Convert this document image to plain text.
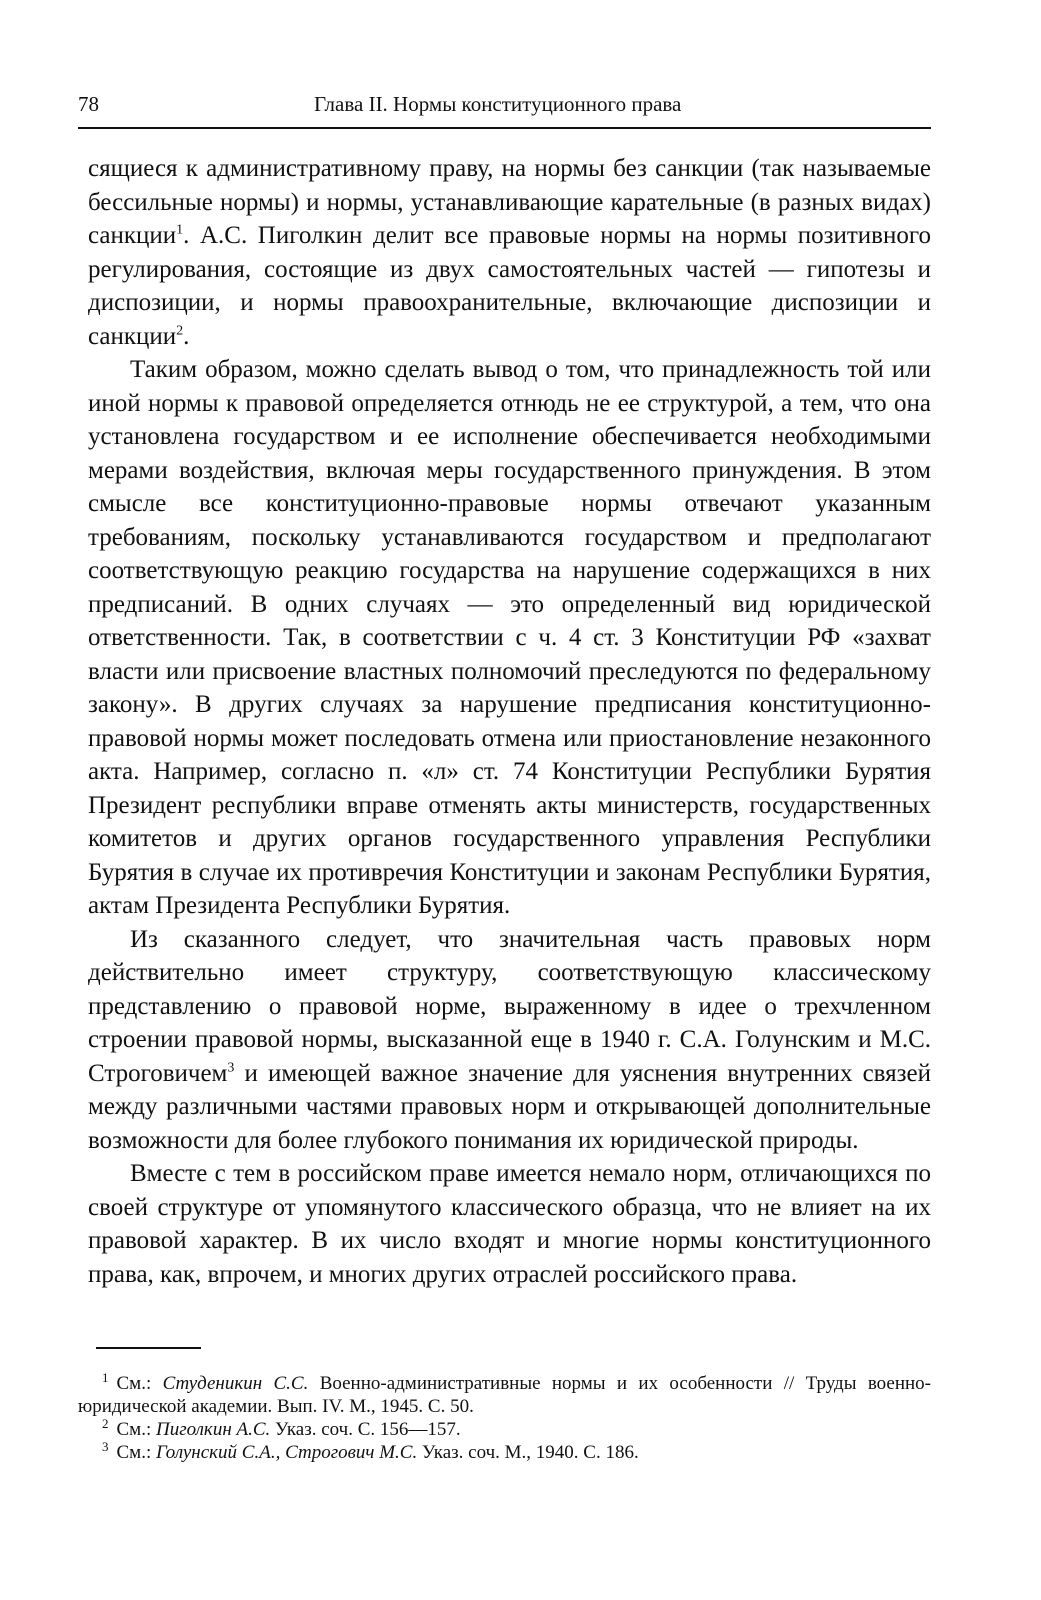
78	Глава II. Нормы конституционного права

сящиеся к административному праву, на нормы без санкции (так называемые бессильные нормы) и нормы, устанавливающие карательные (в разных видах) санкции$^1$. А.С. Пиголкин делит все правовые нормы на нормы позитивного регулирования, состоящие из двух самостоятельных частей — гипотезы и диспозиции, и нормы правоохранительные, включающие диспозиции и санкции$^2$.

Таким образом, можно сделать вывод о том, что принадлежность той или иной нормы к правовой определяется отнюдь не ее структурой, а тем, что она установлена государством и ее исполнение обеспечивается необходимыми мерами воздействия, включая меры государственного принуждения. В этом смысле все конституционно-правовые нормы отвечают указанным требованиям, поскольку устанавливаются государством и предполагают соответствующую реакцию государства на нарушение содержащихся в них предписаний. В одних случаях — это определенный вид юридической ответственности. Так, в соответствии с ч. 4 ст. 3 Конституции РФ «захват власти или присвоение властных полномочий преследуются по федеральному закону». В других случаях за нарушение предписания конституционно-правовой нормы может последовать отмена или приостановление незаконного акта. Например, согласно п. «л» ст. 74 Конституции Республики Бурятия Президент республики вправе отменять акты министерств, государственных комитетов и других органов государственного управления Республики Бурятия в случае их противречия Конституции и законам Республики Бурятия, актам Президента Республики Бурятия.

Из сказанного следует, что значительная часть правовых норм действительно имеет структуру, соответствующую классическому представлению о правовой норме, выраженному в идее о трехчленном строении правовой нормы, высказанной еще в 1940 г. С.А. Голунским и М.С. Строговичем$^3$ и имеющей важное значение для уяснения внутренних связей между различными частями правовых норм и открывающей дополнительные возможности для более глубокого понимания их юридической природы.

Вместе с тем в российском праве имеется немало норм, отличающихся по своей структуре от упомянутого классического образца, что не влияет на их правовой характер. В их число входят и многие нормы конституционного права, как, впрочем, и многих других отраслей российского права.

$^1$ См.: Студеникин С.С. Военно-административные нормы и их особенности // Труды военно-юридической академии. Вып. IV. М., 1945. С. 50.

$^2$ См.: Пиголкин А.С. Указ. соч. С. 156—157.

$^3$ См.: Голунский С.А., Строгович М.С. Указ. соч. М., 1940. С. 186.
